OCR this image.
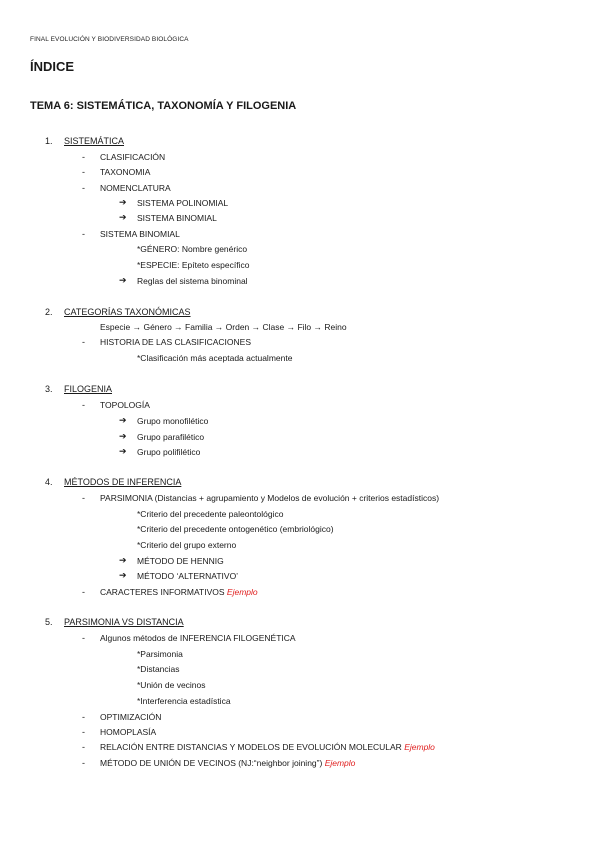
FINAL EVOLUCIÓN Y BIODIVERSIDAD BIOLÓGICA
ÍNDICE
TEMA 6: SISTEMÁTICA, TAXONOMÍA Y FILOGENIA
1. SISTEMÁTICA
- CLASIFICACIÓN
- TAXONOMIA
- NOMENCLATURA
➔ SISTEMA POLINOMIAL
➔ SISTEMA BINOMIAL
- SISTEMA BINOMIAL
*GÉNERO: Nombre genérico
*ESPECIE: Epíteto específico
➔ Reglas del sistema binominal
2. CATEGORÍAS TAXONÓMICAS
Especie → Género → Familia → Orden → Clase → Filo → Reino
- HISTORIA DE LAS CLASIFICACIONES
*Clasificación más aceptada actualmente
3. FILOGENIA
- TOPOLOGÍA
➔ Grupo monofilético
➔ Grupo parafilético
➔ Grupo polifilético
4. MÉTODOS DE INFERENCIA
- PARSIMONIA (Distancias + agrupamiento y Modelos de evolución + criterios estadísticos)
*Criterio del precedente paleontológico
*Criterio del precedente ontogenético (embriológico)
*Criterio del grupo externo
➔ MÉTODO DE HENNIG
➔ MÉTODO ‘ALTERNATIVO’
- CARACTERES INFORMATIVOS Ejemplo
5. PARSIMONIA VS DISTANCIA
- Algunos métodos de INFERENCIA FILOGENÉTICA
*Parsimonia
*Distancias
*Unión de vecinos
*Interferencia estadística
- OPTIMIZACIÓN
- HOMOPLASÍA
- RELACIÓN ENTRE DISTANCIAS Y MODELOS DE EVOLUCIÓN MOLECULAR Ejemplo
- MÉTODO DE UNIÓN DE VECINOS (NJ:“neighbor joining”) Ejemplo
